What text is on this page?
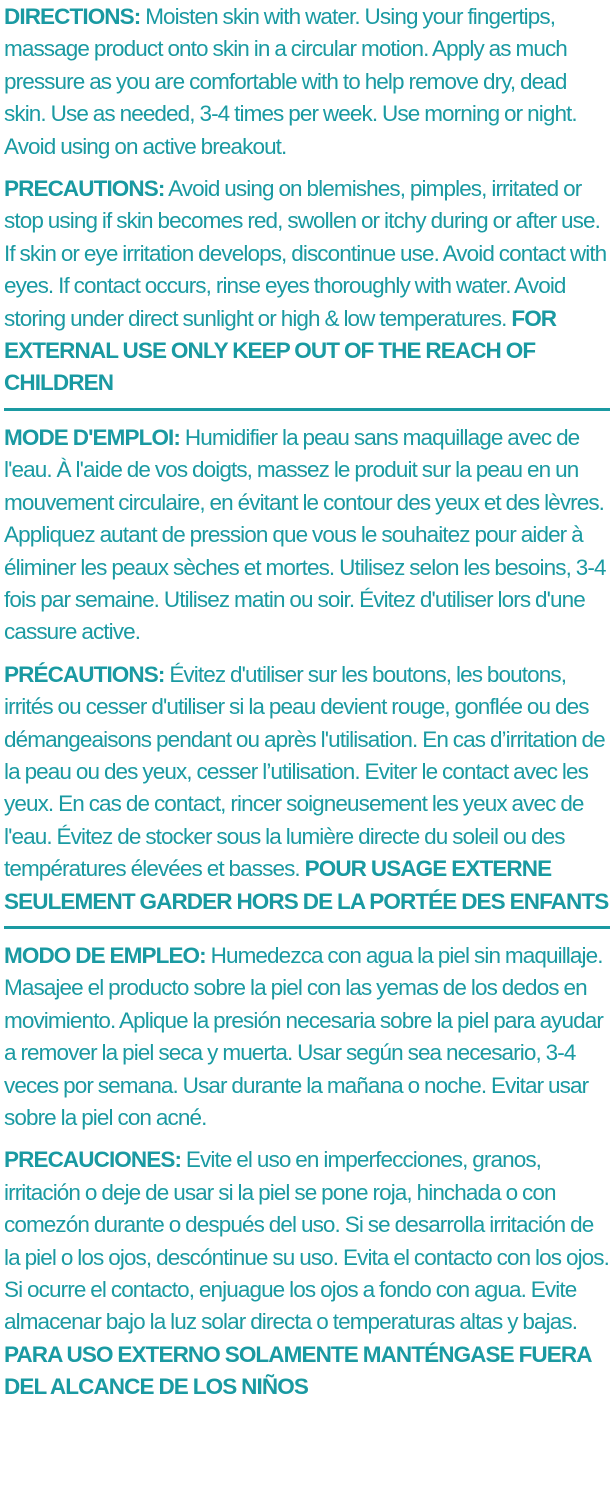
DIRECTIONS: Moisten skin with water. Using your fingertips, massage product onto skin in a circular motion. Apply as much pressure as you are comfortable with to help remove dry, dead skin. Use as needed, 3-4 times per week. Use morning or night. Avoid using on active breakout.

PRECAUTIONS: Avoid using on blemishes, pimples, irritated or stop using if skin becomes red, swollen or itchy during or after use. If skin or eye irritation develops, discontinue use. Avoid contact with eyes. If contact occurs, rinse eyes thoroughly with water. Avoid storing under direct sunlight or high & low temperatures. FOR EXTERNAL USE ONLY KEEP OUT OF THE REACH OF CHILDREN

MODE D'EMPLOI: Humidifier la peau sans maquillage avec de l'eau. À l'aide de vos doigts, massez le produit sur la peau en un mouvement circulaire, en évitant le contour des yeux et des lèvres. Appliquez autant de pression que vous le souhaitez pour aider à éliminer les peaux sèches et mortes. Utilisez selon les besoins, 3-4 fois par semaine. Utilisez matin ou soir. Évitez d'utiliser lors d'une cassure active.

PRÉCAUTIONS: Évitez d'utiliser sur les boutons, les boutons, irrités ou cesser d'utiliser si la peau devient rouge, gonflée ou des démangeaisons pendant ou après l'utilisation. En cas d’irritation de la peau ou des yeux, cesser l’utilisation. Eviter le contact avec les yeux. En cas de contact, rincer soigneusement les yeux avec de l'eau. Évitez de stocker sous la lumière directe du soleil ou des températures élevées et basses. POUR USAGE EXTERNE SEULEMENT GARDER HORS DE LA PORTÉE DES ENFANTS

MODO DE EMPLEO: Humedezca con agua la piel sin maquillaje. Masajee el producto sobre la piel con las yemas de los dedos en movimiento. Aplique la presión necesaria sobre la piel para ayudar a remover la piel seca y muerta. Usar según sea necesario, 3-4 veces por semana. Usar durante la mañana o noche. Evitar usar sobre la piel con acné.

PRECAUCIONES: Evite el uso en imperfecciones, granos, irritación o deje de usar si la piel se pone roja, hinchada o con comezón durante o después del uso. Si se desarrolla irritación de la piel o los ojos, descóntinue su uso. Evita el contacto con los ojos. Si ocurre el contacto, enjuague los ojos a fondo con agua. Evite almacenar bajo la luz solar directa o temperaturas altas y bajas. PARA USO EXTERNO SOLAMENTE MANTÉNGASE FUERA DEL ALCANCE DE LOS NIÑOS
